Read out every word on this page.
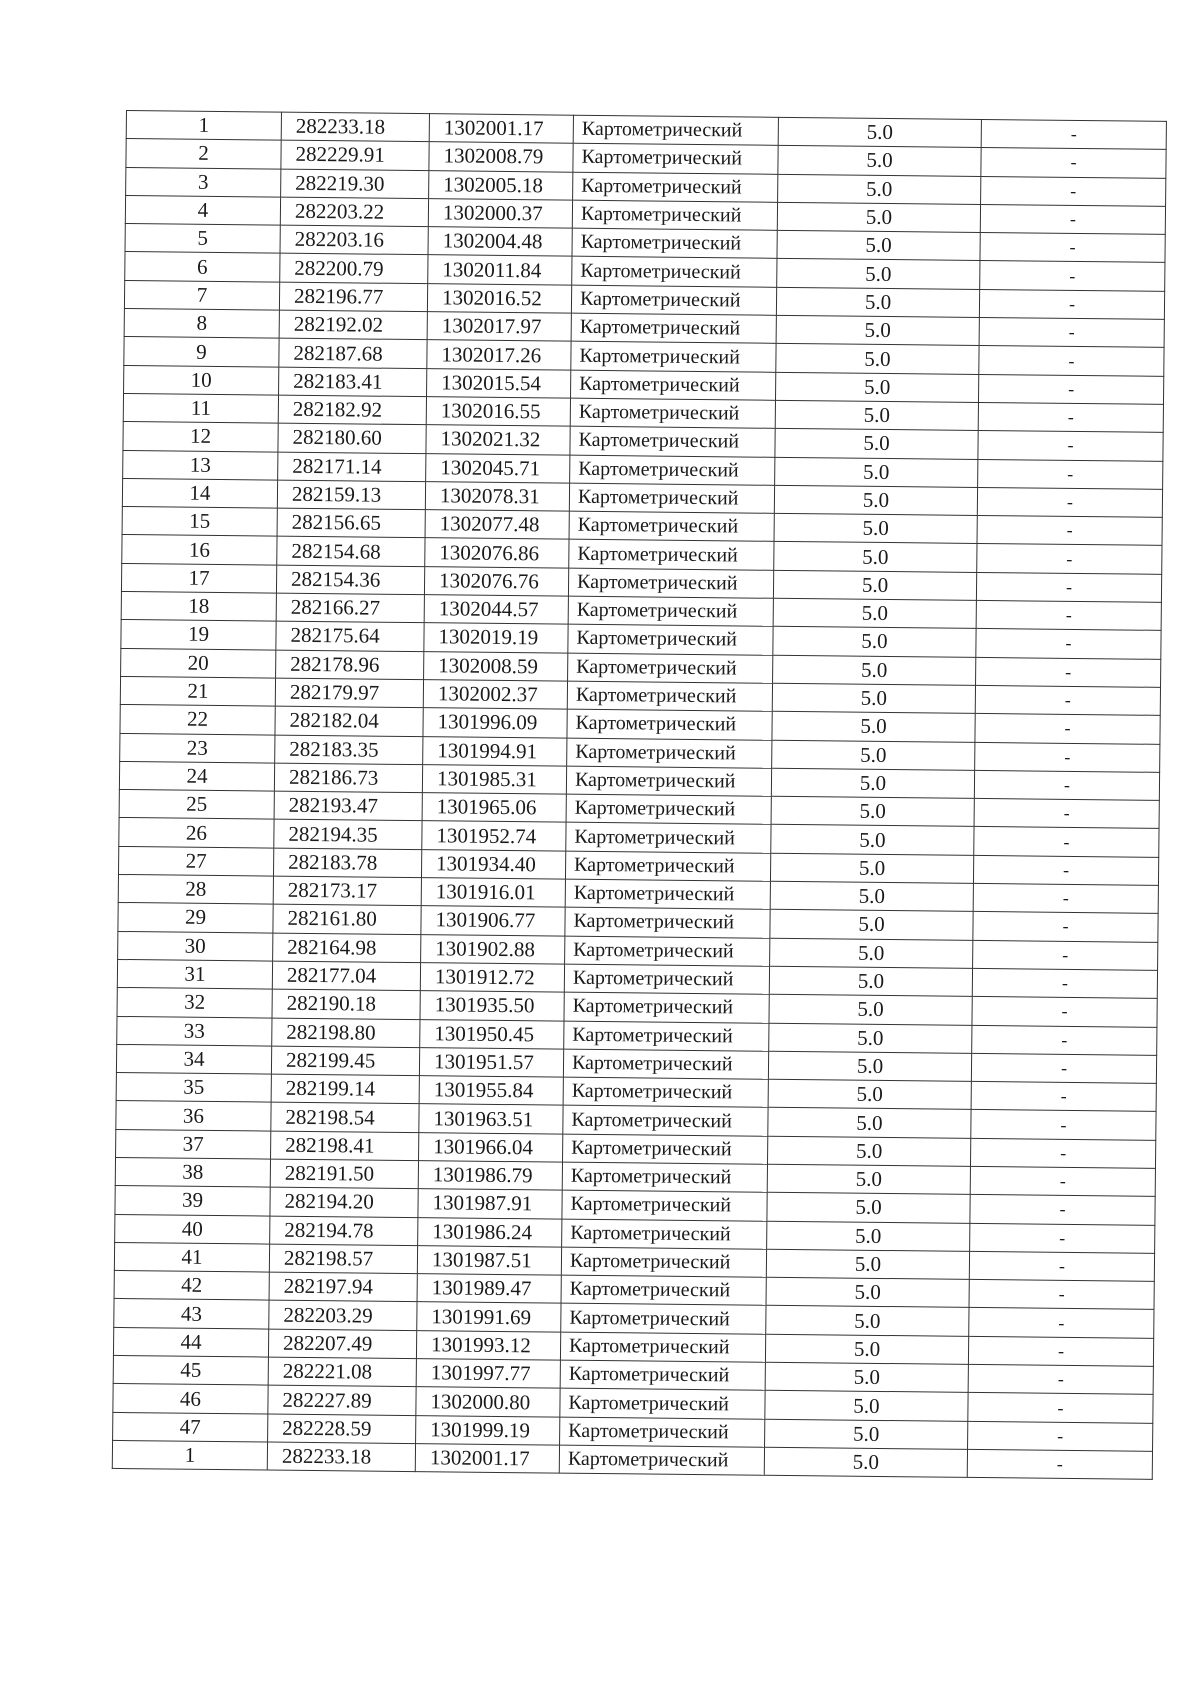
1	282233.18	1302001.17	Картометрический	5.0	-
2	282229.91	1302008.79	Картометрический	5.0	-
3	282219.30	1302005.18	Картометрический	5.0	-
4	282203.22	1302000.37	Картометрический	5.0	-
5	282203.16	1302004.48	Картометрический	5.0	-
6	282200.79	1302011.84	Картометрический	5.0	-
7	282196.77	1302016.52	Картометрический	5.0	-
8	282192.02	1302017.97	Картометрический	5.0	-
9	282187.68	1302017.26	Картометрический	5.0	-
10	282183.41	1302015.54	Картометрический	5.0	-
11	282182.92	1302016.55	Картометрический	5.0	-
12	282180.60	1302021.32	Картометрический	5.0	-
13	282171.14	1302045.71	Картометрический	5.0	-
14	282159.13	1302078.31	Картометрический	5.0	-
15	282156.65	1302077.48	Картометрический	5.0	-
16	282154.68	1302076.86	Картометрический	5.0	-
17	282154.36	1302076.76	Картометрический	5.0	-
18	282166.27	1302044.57	Картометрический	5.0	-
19	282175.64	1302019.19	Картометрический	5.0	-
20	282178.96	1302008.59	Картометрический	5.0	-
21	282179.97	1302002.37	Картометрический	5.0	-
22	282182.04	1301996.09	Картометрический	5.0	-
23	282183.35	1301994.91	Картометрический	5.0	-
24	282186.73	1301985.31	Картометрический	5.0	-
25	282193.47	1301965.06	Картометрический	5.0	-
26	282194.35	1301952.74	Картометрический	5.0	-
27	282183.78	1301934.40	Картометрический	5.0	-
28	282173.17	1301916.01	Картометрический	5.0	-
29	282161.80	1301906.77	Картометрический	5.0	-
30	282164.98	1301902.88	Картометрический	5.0	-
31	282177.04	1301912.72	Картометрический	5.0	-
32	282190.18	1301935.50	Картометрический	5.0	-
33	282198.80	1301950.45	Картометрический	5.0	-
34	282199.45	1301951.57	Картометрический	5.0	-
35	282199.14	1301955.84	Картометрический	5.0	-
36	282198.54	1301963.51	Картометрический	5.0	-
37	282198.41	1301966.04	Картометрический	5.0	-
38	282191.50	1301986.79	Картометрический	5.0	-
39	282194.20	1301987.91	Картометрический	5.0	-
40	282194.78	1301986.24	Картометрический	5.0	-
41	282198.57	1301987.51	Картометрический	5.0	-
42	282197.94	1301989.47	Картометрический	5.0	-
43	282203.29	1301991.69	Картометрический	5.0	-
44	282207.49	1301993.12	Картометрический	5.0	-
45	282221.08	1301997.77	Картометрический	5.0	-
46	282227.89	1302000.80	Картометрический	5.0	-
47	282228.59	1301999.19	Картометрический	5.0	-
1	282233.18	1302001.17	Картометрический	5.0	-
